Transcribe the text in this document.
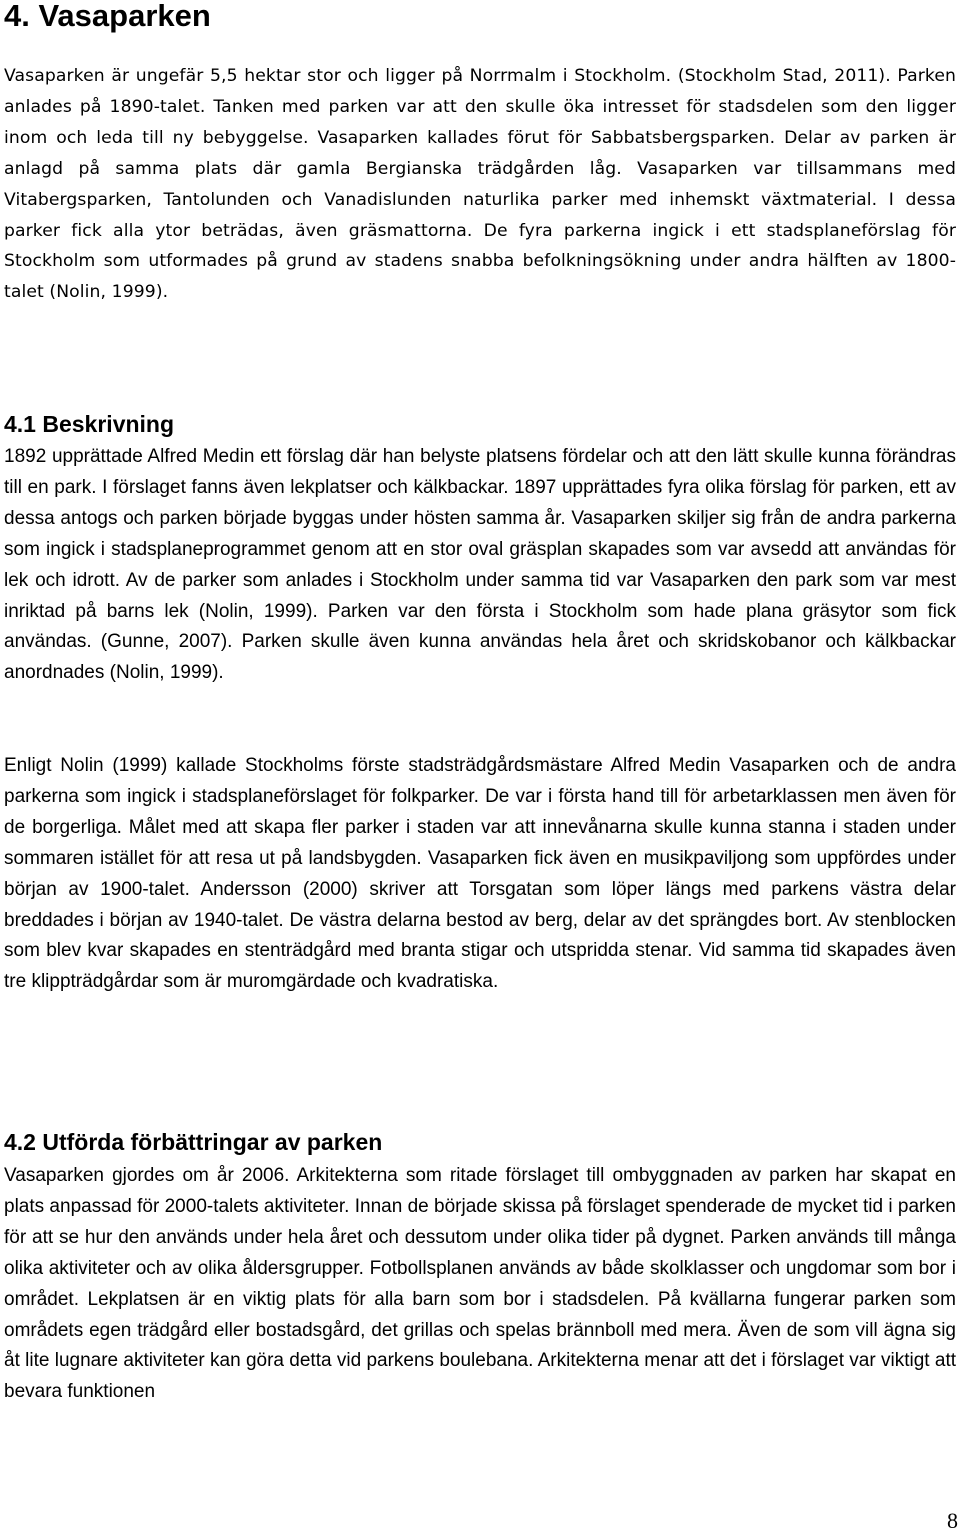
4. Vasaparken

Vasaparken är ungefär 5,5 hektar stor och ligger på Norrmalm i Stockholm. (Stockholm Stad, 2011). Parken anlades på 1890-talet. Tanken med parken var att den skulle öka intresset för stadsdelen som den ligger inom och leda till ny bebyggelse. Vasaparken kallades förut för Sabbatsbergsparken. Delar av parken är anlagd på samma plats där gamla Bergianska trädgården låg. Vasaparken var tillsammans med Vitabergsparken, Tantolunden och Vanadislunden naturlika parker med inhemskt växtmaterial. I dessa parker fick alla ytor beträdas, även gräsmattorna. De fyra parkerna ingick i ett stadsplaneförslag för Stockholm som utformades på grund av stadens snabba befolkningsökning under andra hälften av 1800-talet (Nolin, 1999).

4.1 Beskrivning

1892 upprättade Alfred Medin ett förslag där han belyste platsens fördelar och att den lätt skulle kunna förändras till en park. I förslaget fanns även lekplatser och kälkbackar. 1897 upprättades fyra olika förslag för parken, ett av dessa antogs och parken började byggas under hösten samma år. Vasaparken skiljer sig från de andra parkerna som ingick i stadsplaneprogrammet genom att en stor oval gräsplan skapades som var avsedd att användas för lek och idrott. Av de parker som anlades i Stockholm under samma tid var Vasaparken den park som var mest inriktad på barns lek (Nolin, 1999). Parken var den första i Stockholm som hade plana gräsytor som fick användas. (Gunne, 2007). Parken skulle även kunna användas hela året och skridskobanor och kälkbackar anordnades (Nolin, 1999).

Enligt Nolin (1999) kallade Stockholms förste stadsträdgårdsmästare Alfred Medin Vasaparken och de andra parkerna som ingick i stadsplaneförslaget för folkparker. De var i första hand till för arbetarklassen men även för de borgerliga. Målet med att skapa fler parker i staden var att innevånarna skulle kunna stanna i staden under sommaren istället för att resa ut på landsbygden. Vasaparken fick även en musikpaviljong som uppfördes under början av 1900-talet. Andersson (2000) skriver att Torsgatan som löper längs med parkens västra delar breddades i början av 1940-talet. De västra delarna bestod av berg, delar av det sprängdes bort. Av stenblocken som blev kvar skapades en stenträdgård med branta stigar och utspridda stenar. Vid samma tid skapades även tre klippträdgårdar som är muromgärdade och kvadratiska.

4.2 Utförda förbättringar av parken

Vasaparken gjordes om år 2006. Arkitekterna som ritade förslaget till ombyggnaden av parken har skapat en plats anpassad för 2000-talets aktiviteter. Innan de började skissa på förslaget spenderade de mycket tid i parken för att se hur den används under hela året och dessutom under olika tider på dygnet. Parken används till många olika aktiviteter och av olika åldersgrupper. Fotbollsplanen används av både skolklasser och ungdomar som bor i området. Lekplatsen är en viktig plats för alla barn som bor i stadsdelen. På kvällarna fungerar parken som områdets egen trädgård eller bostadsgård, det grillas och spelas brännboll med mera. Även de som vill ägna sig åt lite lugnare aktiviteter kan göra detta vid parkens boulebana. Arkitekterna menar att det i förslaget var viktigt att bevara funktionen

8
